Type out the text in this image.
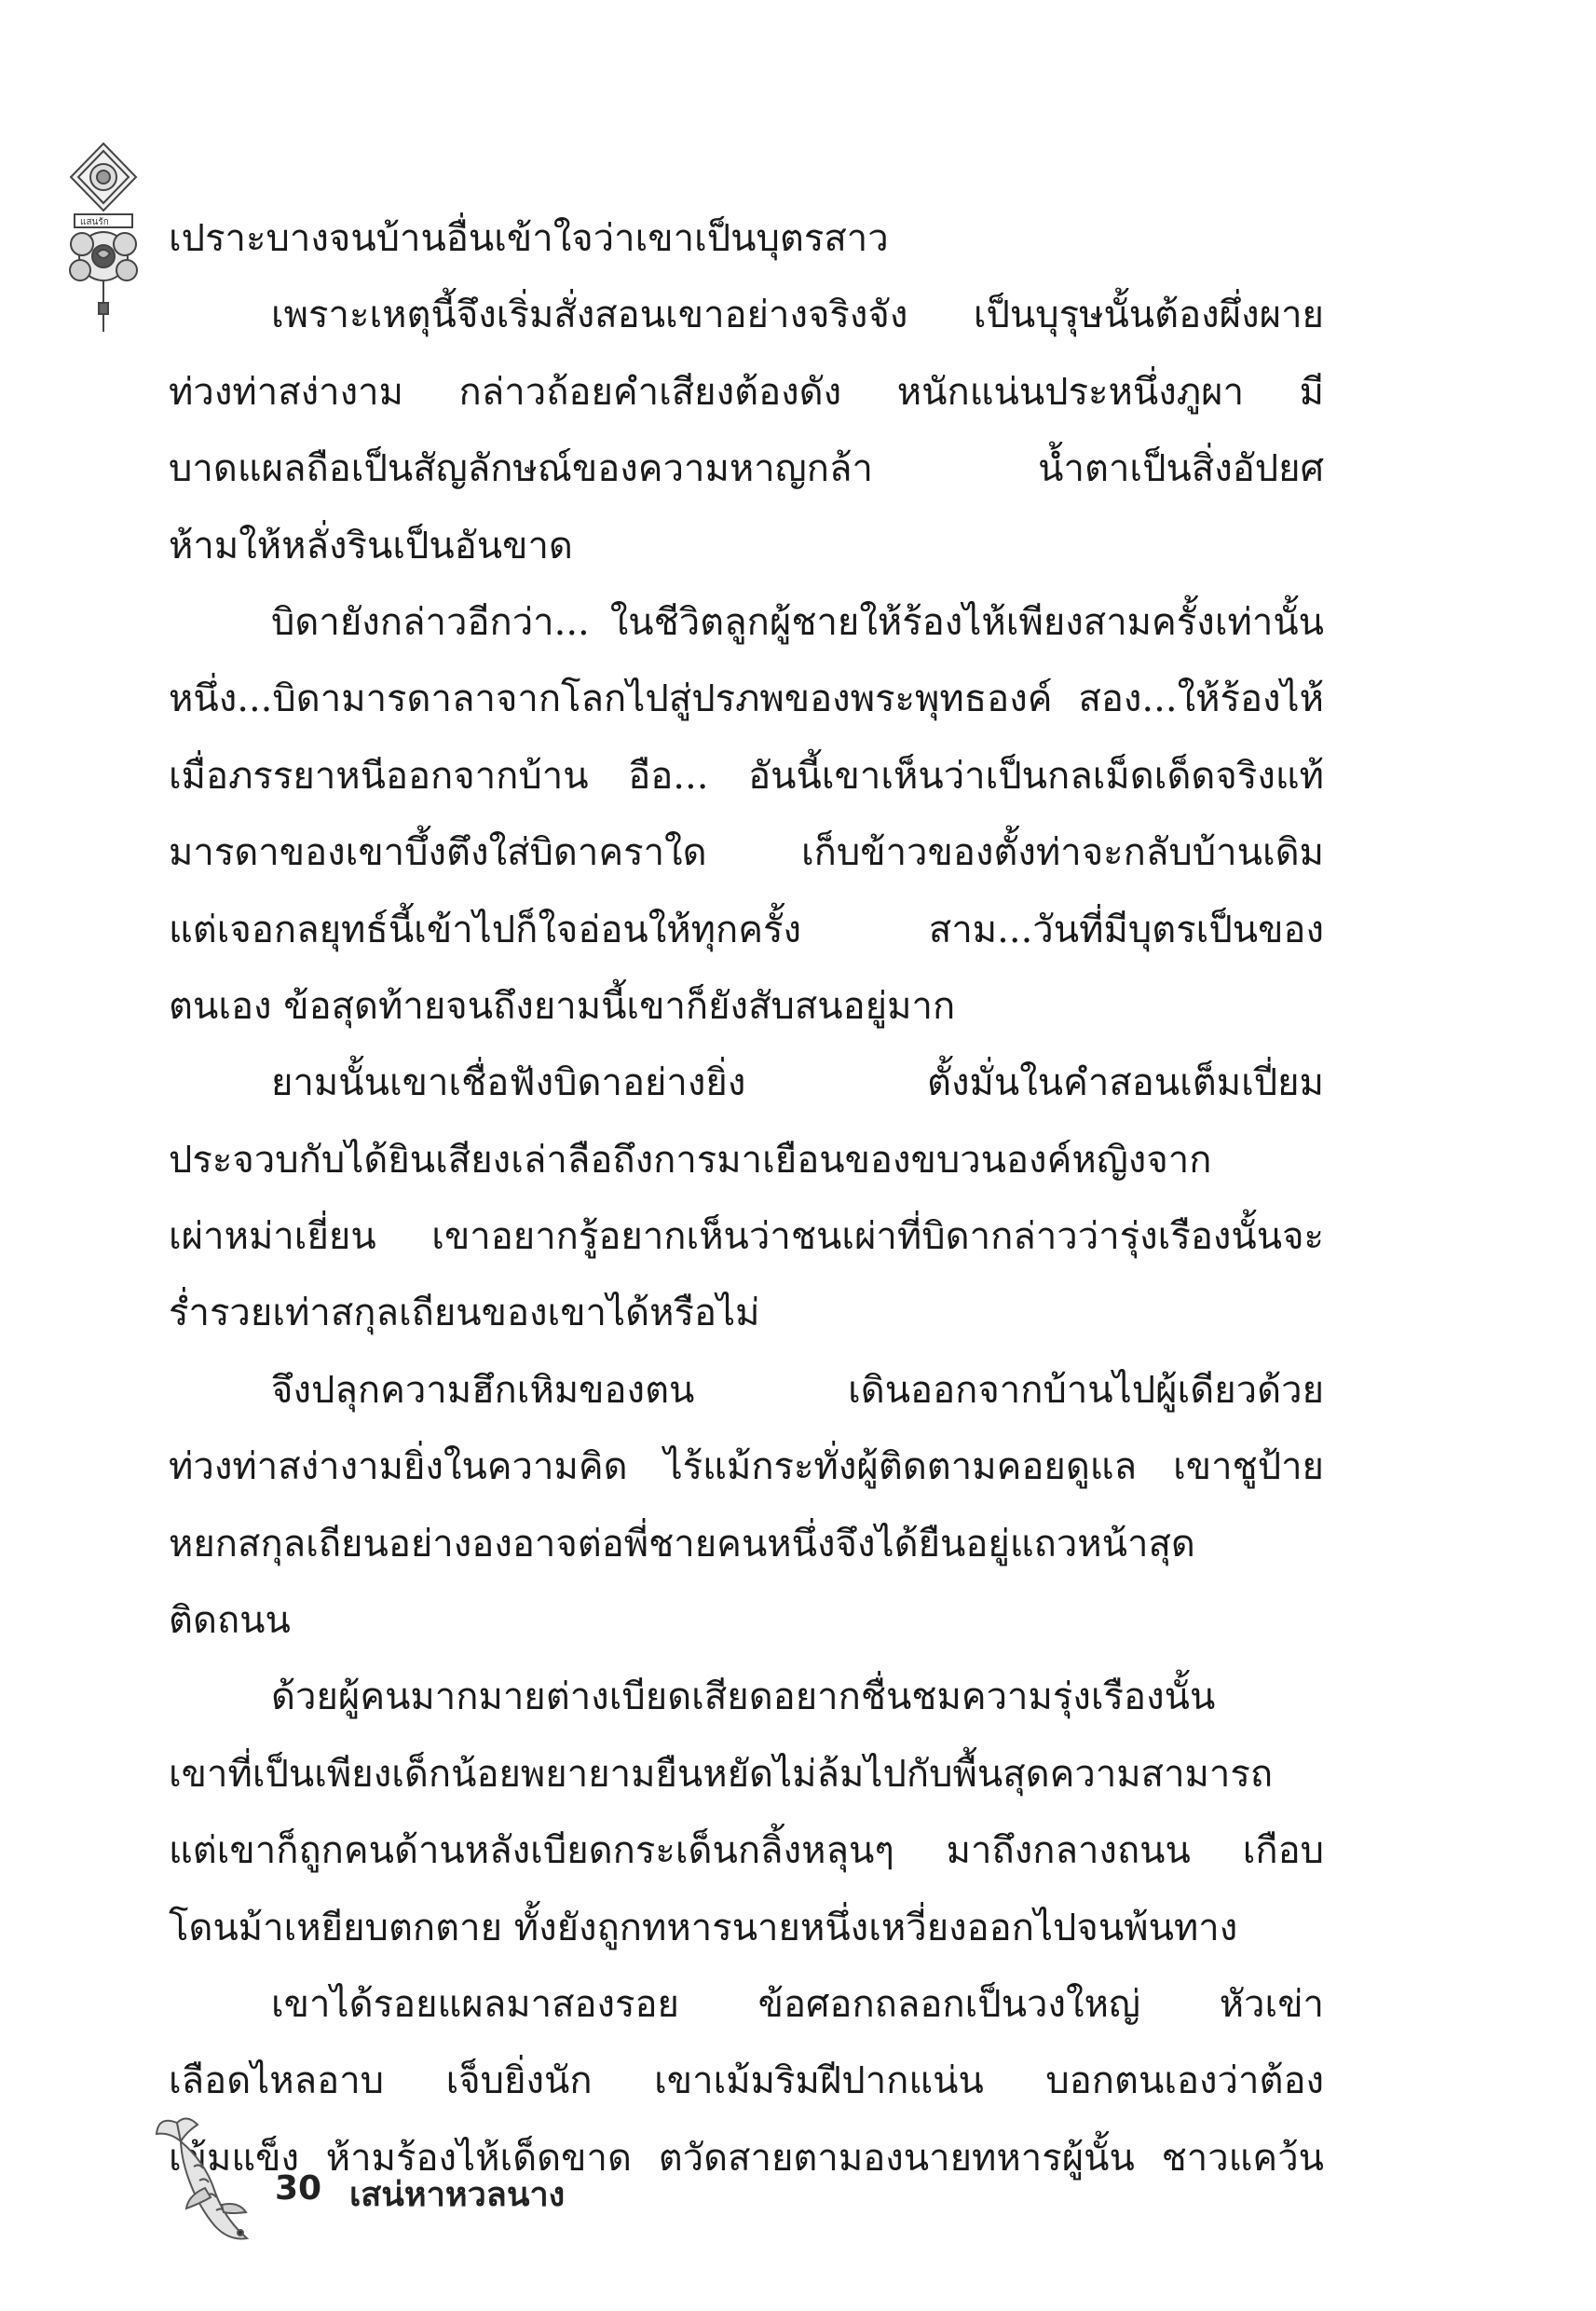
แสนรัก เปราะบางจนบ้านอื่นเข้าใจว่าเขาเป็นบุตรสาว
เพราะเหตุนี้จึงเริ่มสั่งสอนเขาอย่างจริงจัง เป็นบุรุษนั้นต้องผึ่งผาย
ท่วงท่าสง่างาม กล่าวถ้อยคำเสียงต้องดัง หนักแน่นประหนึ่งภูผา มี
บาดแผลถือเป็นสัญลักษณ์ของความหาญกล้า น้ำตาเป็นสิ่งอัปยศ
ห้ามให้หลั่งรินเป็นอันขาด
บิดายังกล่าวอีกว่า... ในชีวิตลูกผู้ชายให้ร้องไห้เพียงสามครั้งเท่านั้น
หนึ่ง...บิดามารดาลาจากโลกไปสู่ปรภพของพระพุทธองค์ สอง...ให้ร้องไห้
เมื่อภรรยาหนีออกจากบ้าน อือ... อันนี้เขาเห็นว่าเป็นกลเม็ดเด็ดจริงแท้
มารดาของเขาบึ้งตึงใส่บิดาคราใด เก็บข้าวของตั้งท่าจะกลับบ้านเดิม
แต่เจอกลยุทธ์นี้เข้าไปก็ใจอ่อนให้ทุกครั้ง สาม...วันที่มีบุตรเป็นของ
ตนเอง ข้อสุดท้ายจนถึงยามนี้เขาก็ยังสับสนอยู่มาก
ยามนั้นเขาเชื่อฟังบิดาอย่างยิ่ง ตั้งมั่นในคำสอนเต็มเปี่ยม
ประจวบกับได้ยินเสียงเล่าลือถึงการมาเยือนของขบวนองค์หญิงจาก
เผ่าหม่าเยี่ยน เขาอยากรู้อยากเห็นว่าชนเผ่าที่บิดากล่าวว่ารุ่งเรืองนั้นจะ
ร่ำรวยเท่าสกุลเถียนของเขาได้หรือไม่
จึงปลุกความฮึกเหิมของตน เดินออกจากบ้านไปผู้เดียวด้วย
ท่วงท่าสง่างามยิ่งในความคิด ไร้แม้กระทั่งผู้ติดตามคอยดูแล เขาชูป้าย
หยกสกุลเถียนอย่างองอาจต่อพี่ชายคนหนึ่งจึงได้ยืนอยู่แถวหน้าสุด
ติดถนน
ด้วยผู้คนมากมายต่างเบียดเสียดอยากชื่นชมความรุ่งเรืองนั้น
เขาที่เป็นเพียงเด็กน้อยพยายามยืนหยัดไม่ล้มไปกับพื้นสุดความสามารถ
แต่เขาก็ถูกคนด้านหลังเบียดกระเด็นกลิ้งหลุนๆ มาถึงกลางถนน เกือบ
โดนม้าเหยียบตกตาย ทั้งยังถูกทหารนายหนึ่งเหวี่ยงออกไปจนพ้นทาง
เขาได้รอยแผลมาสองรอย ข้อศอกถลอกเป็นวงใหญ่ หัวเข่า
เลือดไหลอาบ เจ็บยิ่งนัก เขาเม้มริมฝีปากแน่น บอกตนเองว่าต้อง
เข้มแข็ง ห้ามร้องไห้เด็ดขาด ตวัดสายตามองนายทหารผู้นั้น ชาวแคว้น
30 เสน่หาหวลนาง
